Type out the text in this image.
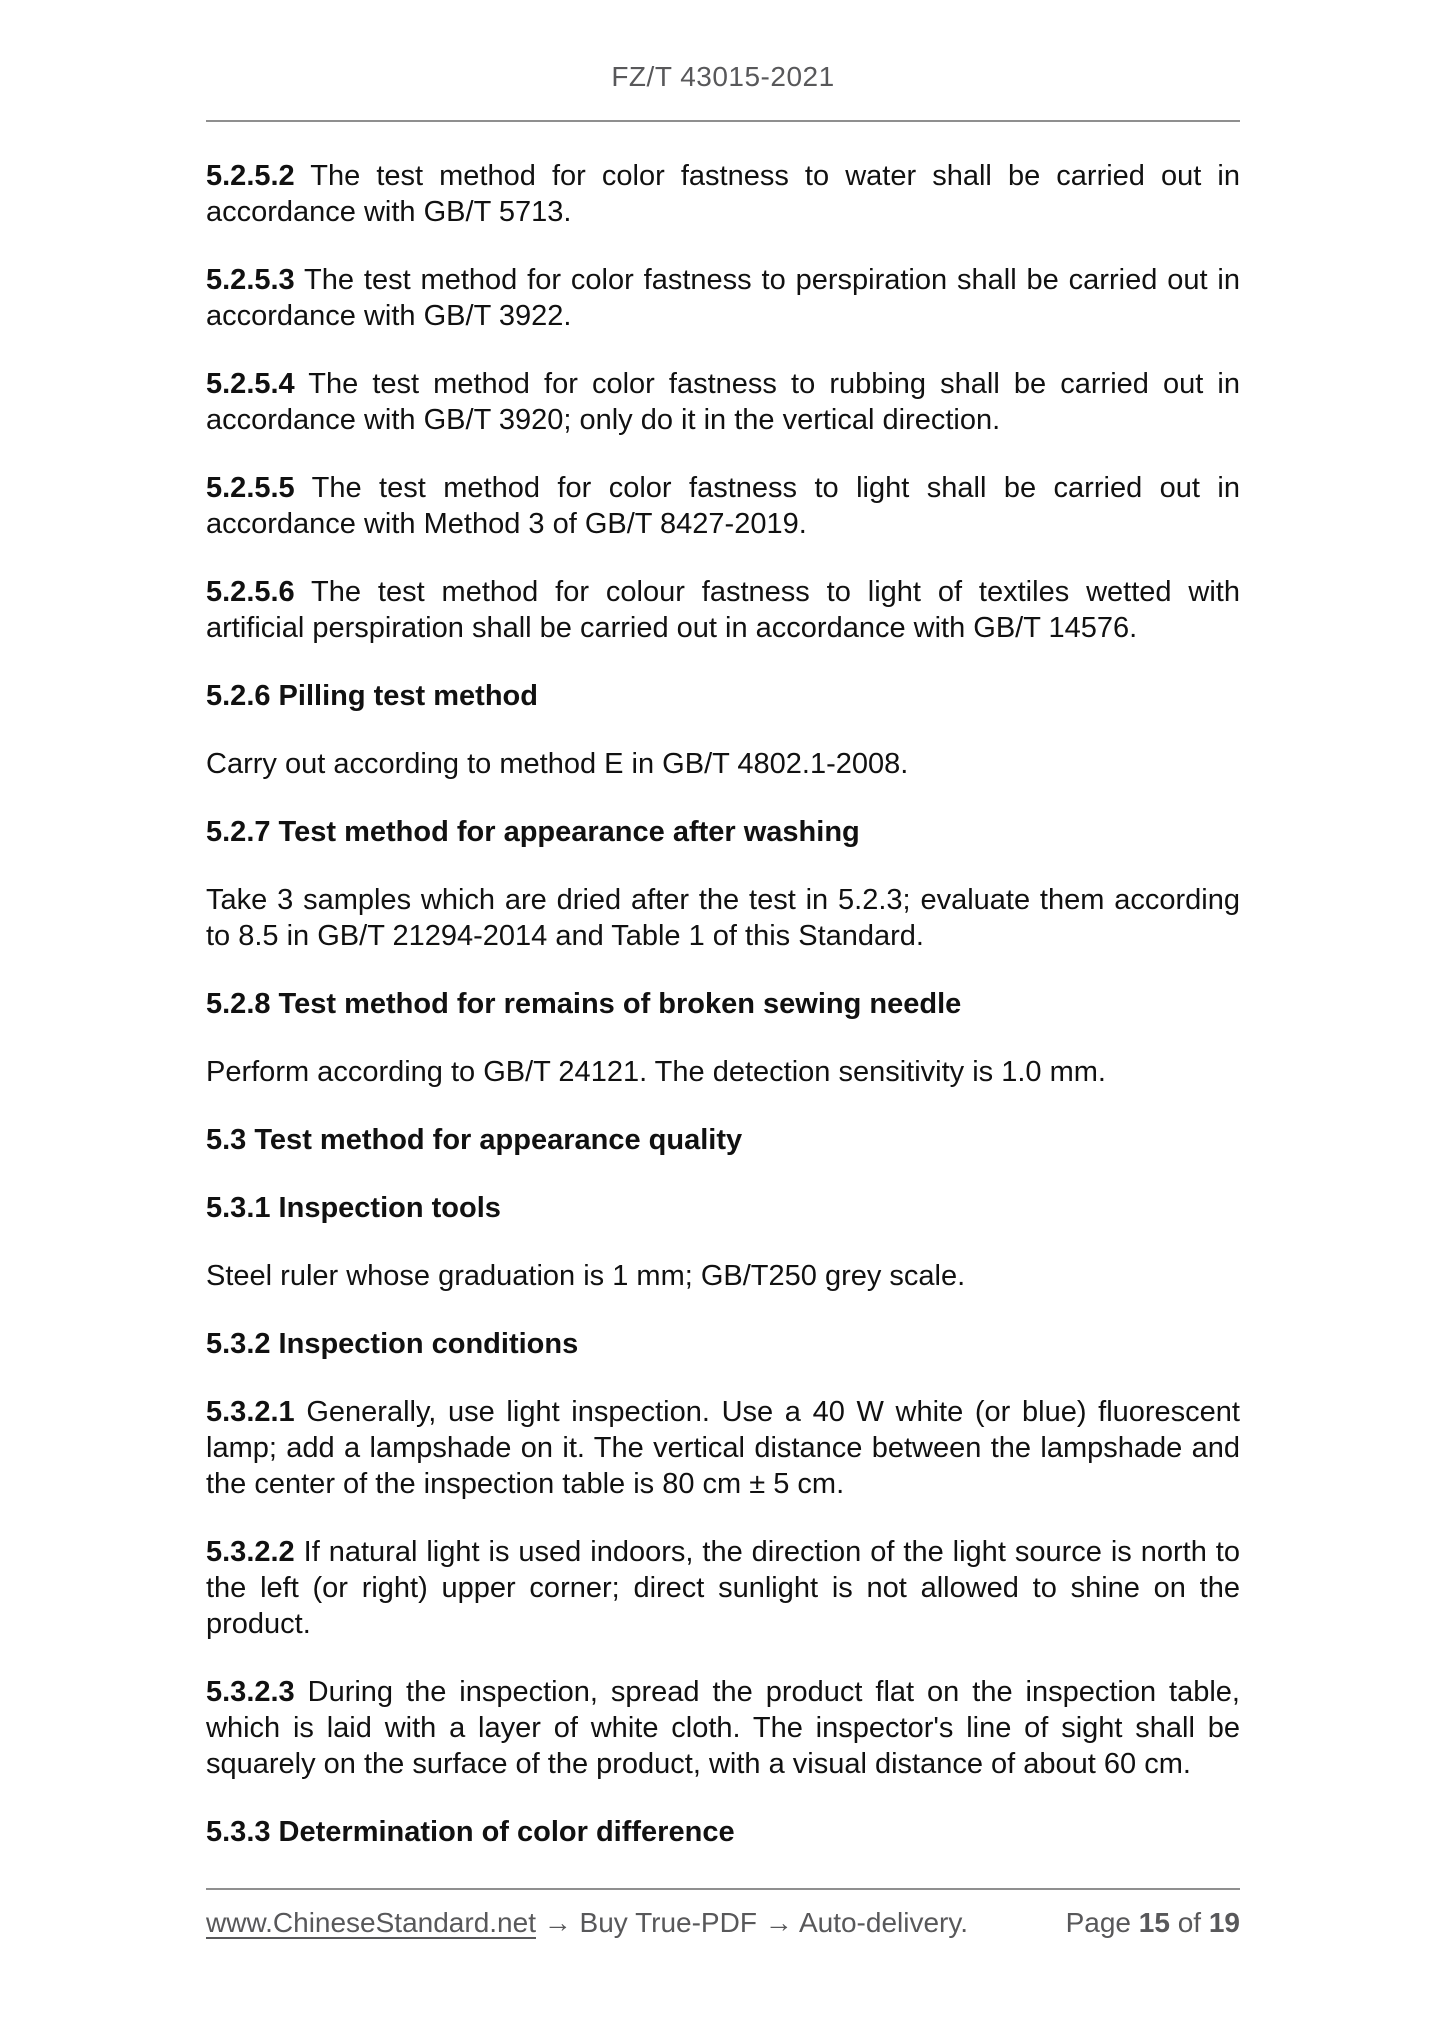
FZ/T 43015-2021

5.2.5.2 The test method for color fastness to water shall be carried out in accordance with GB/T 5713.

5.2.5.3 The test method for color fastness to perspiration shall be carried out in accordance with GB/T 3922.

5.2.5.4 The test method for color fastness to rubbing shall be carried out in accordance with GB/T 3920; only do it in the vertical direction.

5.2.5.5 The test method for color fastness to light shall be carried out in accordance with Method 3 of GB/T 8427-2019.

5.2.5.6 The test method for colour fastness to light of textiles wetted with artificial perspiration shall be carried out in accordance with GB/T 14576.

5.2.6 Pilling test method

Carry out according to method E in GB/T 4802.1-2008.

5.2.7 Test method for appearance after washing

Take 3 samples which are dried after the test in 5.2.3; evaluate them according to 8.5 in GB/T 21294-2014 and Table 1 of this Standard.

5.2.8 Test method for remains of broken sewing needle

Perform according to GB/T 24121. The detection sensitivity is 1.0 mm.

5.3 Test method for appearance quality

5.3.1 Inspection tools

Steel ruler whose graduation is 1 mm; GB/T250 grey scale.

5.3.2 Inspection conditions

5.3.2.1 Generally, use light inspection. Use a 40 W white (or blue) fluorescent lamp; add a lampshade on it. The vertical distance between the lampshade and the center of the inspection table is 80 cm ± 5 cm.

5.3.2.2 If natural light is used indoors, the direction of the light source is north to the left (or right) upper corner; direct sunlight is not allowed to shine on the product.

5.3.2.3 During the inspection, spread the product flat on the inspection table, which is laid with a layer of white cloth. The inspector's line of sight shall be squarely on the surface of the product, with a visual distance of about 60 cm.

5.3.3 Determination of color difference

www.ChineseStandard.net → Buy True-PDF → Auto-delivery.	Page 15 of 19
